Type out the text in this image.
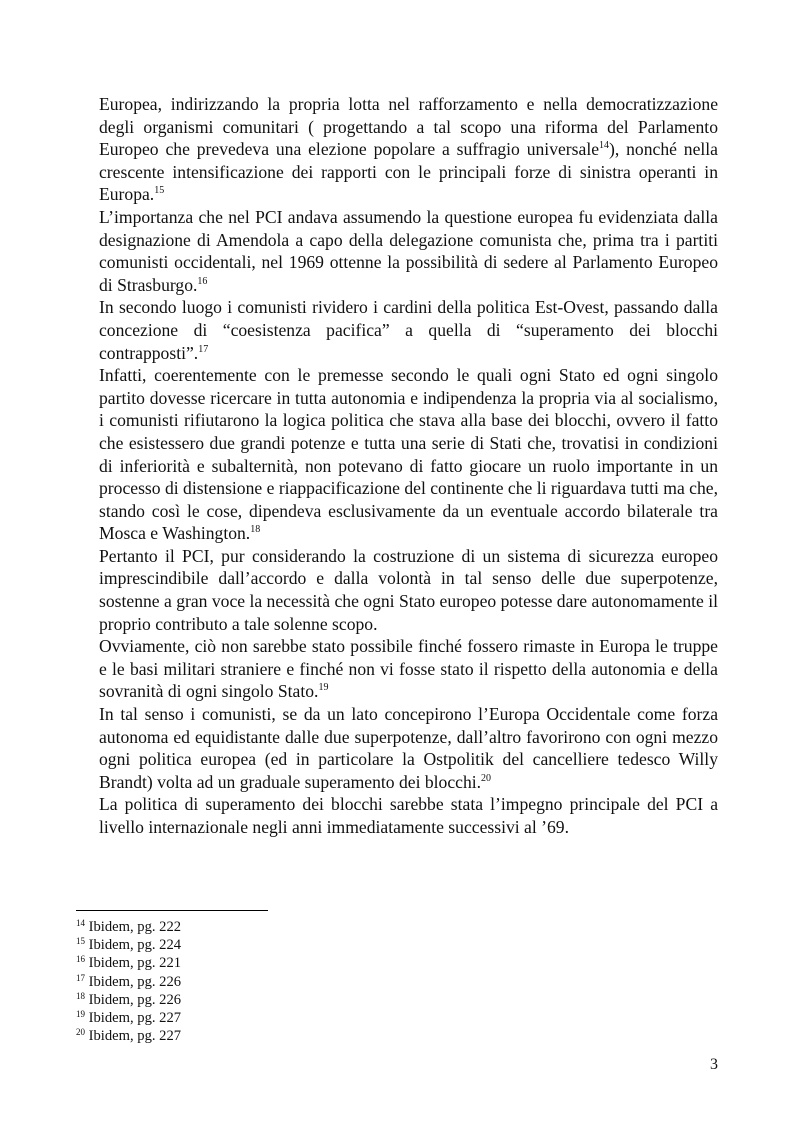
Europea, indirizzando la propria lotta nel rafforzamento e nella democratizzazione degli organismi comunitari ( progettando a tal scopo una riforma del Parlamento Europeo che prevedeva una elezione popolare a suffragio universale$^{14}$), nonché nella crescente intensificazione dei rapporti con le principali forze di sinistra operanti in Europa.$^{15}$

L’importanza che nel PCI andava assumendo la questione europea fu evidenziata dalla designazione di Amendola a capo della delegazione comunista che, prima tra i partiti comunisti occidentali, nel 1969 ottenne la possibilità di sedere al Parlamento Europeo di Strasburgo.$^{16}$

In secondo luogo i comunisti rividero i cardini della politica Est-Ovest, passando dalla concezione di “coesistenza pacifica” a quella di “superamento dei blocchi contrapposti”.$^{17}$

Infatti, coerentemente con le premesse secondo le quali ogni Stato ed ogni singolo partito dovesse ricercare in tutta autonomia e indipendenza la propria via al socialismo, i comunisti rifiutarono la logica politica che stava alla base dei blocchi, ovvero il fatto che esistessero due grandi potenze e tutta una serie di Stati che, trovatisi in condizioni di inferiorità e subalternità, non potevano di fatto giocare un ruolo importante in un processo di distensione e riappacificazione del continente che li riguardava tutti ma che, stando così le cose, dipendeva esclusivamente da un eventuale accordo bilaterale tra Mosca e Washington.$^{18}$

Pertanto il PCI, pur considerando la costruzione di un sistema di sicurezza europeo imprescindibile dall’accordo e dalla volontà in tal senso delle due superpotenze, sostenne a gran voce la necessità che ogni Stato europeo potesse dare autonomamente il proprio contributo a tale solenne scopo.

Ovviamente, ciò non sarebbe stato possibile finché fossero rimaste in Europa le truppe e le basi militari straniere e finché non vi fosse stato il rispetto della autonomia e della sovranità di ogni singolo Stato.$^{19}$

In tal senso i comunisti, se da un lato concepirono l’Europa Occidentale come forza autonoma ed equidistante dalle due superpotenze, dall’altro favorirono con ogni mezzo ogni politica europea (ed in particolare la Ostpolitik del cancelliere tedesco Willy Brandt) volta ad un graduale superamento dei blocchi.$^{20}$

La politica di superamento dei blocchi sarebbe stata l’impegno principale del PCI a livello internazionale negli anni immediatamente successivi al ’69.

$^{14}$ Ibidem, pg. 222
$^{15}$ Ibidem, pg. 224
$^{16}$ Ibidem, pg. 221
$^{17}$ Ibidem, pg. 226
$^{18}$ Ibidem, pg. 226
$^{19}$ Ibidem, pg. 227
$^{20}$ Ibidem, pg. 227
3
